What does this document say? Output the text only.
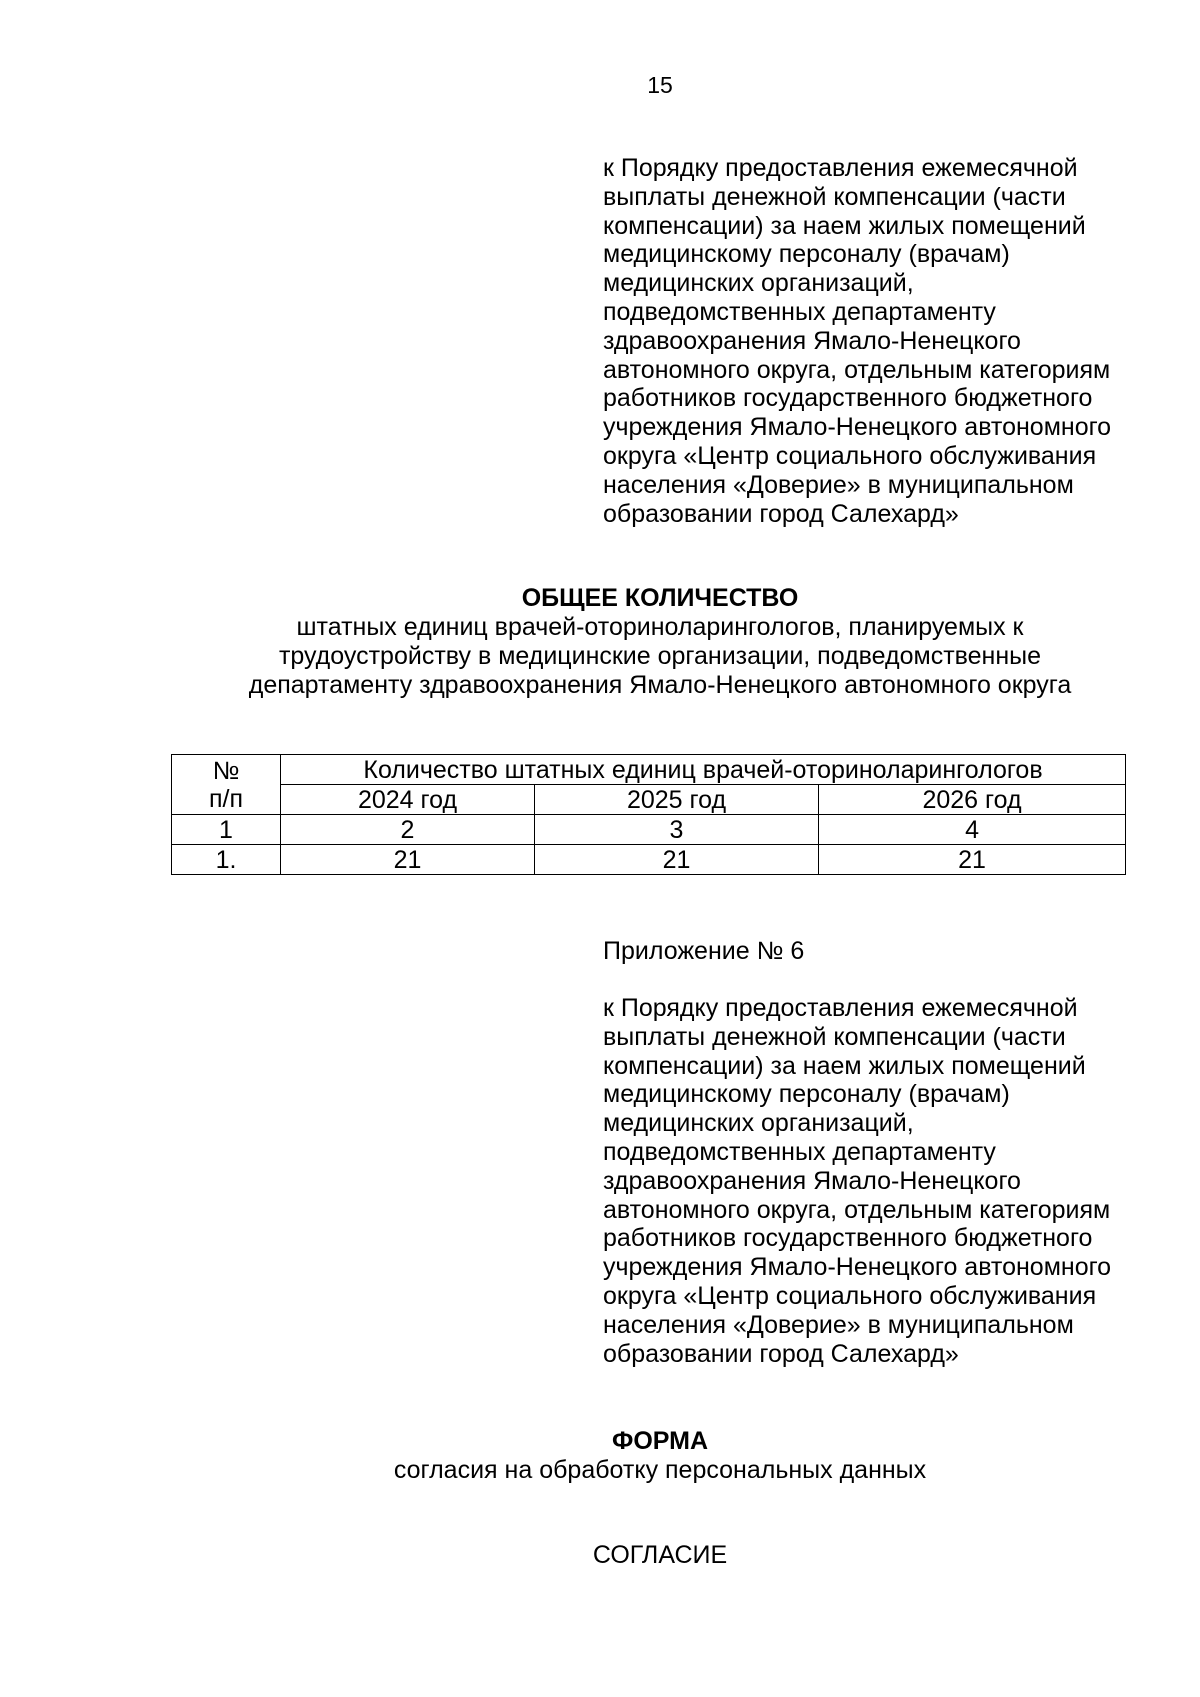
15
к Порядку предоставления ежемесячной
выплаты денежной компенсации (части
компенсации) за наем жилых помещений
медицинскому персоналу (врачам)
медицинских организаций,
подведомственных департаменту
здравоохранения Ямало-Ненецкого
автономного округа, отдельным категориям
работников государственного бюджетного
учреждения Ямало-Ненецкого автономного
округа «Центр социального обслуживания
населения «Доверие» в муниципальном
образовании город Салехард»
ОБЩЕЕ КОЛИЧЕСТВО
штатных единиц врачей-оториноларингологов, планируемых к
трудоустройству в медицинские организации, подведомственные
департаменту здравоохранения Ямало-Ненецкого автономного округа
№
п/п	Количество штатных единиц врачей-оториноларингологов		
	2024 год	2025 год	2026 год
1	2	3	4
1.	21	21	21
Приложение № 6
к Порядку предоставления ежемесячной
выплаты денежной компенсации (части
компенсации) за наем жилых помещений
медицинскому персоналу (врачам)
медицинских организаций,
подведомственных департаменту
здравоохранения Ямало-Ненецкого
автономного округа, отдельным категориям
работников государственного бюджетного
учреждения Ямало-Ненецкого автономного
округа «Центр социального обслуживания
населения «Доверие» в муниципальном
образовании город Салехард»
ФОРМА
согласия на обработку персональных данных
СОГЛАСИЕ
